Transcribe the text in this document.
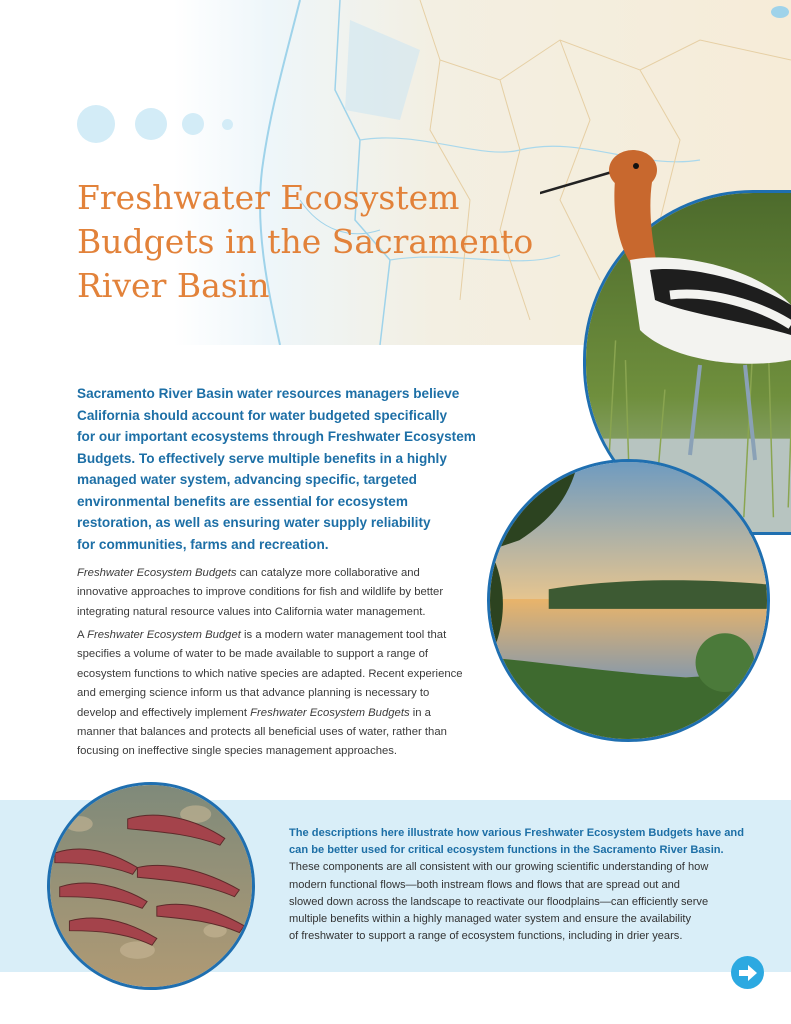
Freshwater Ecosystem
Budgets in the Sacramento
River Basin

Sacramento River Basin water resources managers believe
California should account for water budgeted specifically
for our important ecosystems through Freshwater Ecosystem
Budgets. To effectively serve multiple benefits in a highly
managed water system, advancing specific, targeted
environmental benefits are essential for ecosystem
restoration, as well as ensuring water supply reliability
for communities, farms and recreation.

Freshwater Ecosystem Budgets can catalyze more collaborative and
innovative approaches to improve conditions for fish and wildlife by better
integrating natural resource values into California water management.

A Freshwater Ecosystem Budget is a modern water management tool that
specifies a volume of water to be made available to support a range of
ecosystem functions to which native species are adapted. Recent experience
and emerging science inform us that advance planning is necessary to
develop and effectively implement Freshwater Ecosystem Budgets in a
manner that balances and protects all beneficial uses of water, rather than
focusing on ineffective single species management approaches.

The descriptions here illustrate how various Freshwater Ecosystem Budgets have and
can be better used for critical ecosystem functions in the Sacramento River Basin.
These components are all consistent with our growing scientific understanding of how
modern functional flows—both instream flows and flows that are spread out and
slowed down across the landscape to reactivate our floodplains—can efficiently serve
multiple benefits within a highly managed water system and ensure the availability
of freshwater to support a range of ecosystem functions, including in drier years.
